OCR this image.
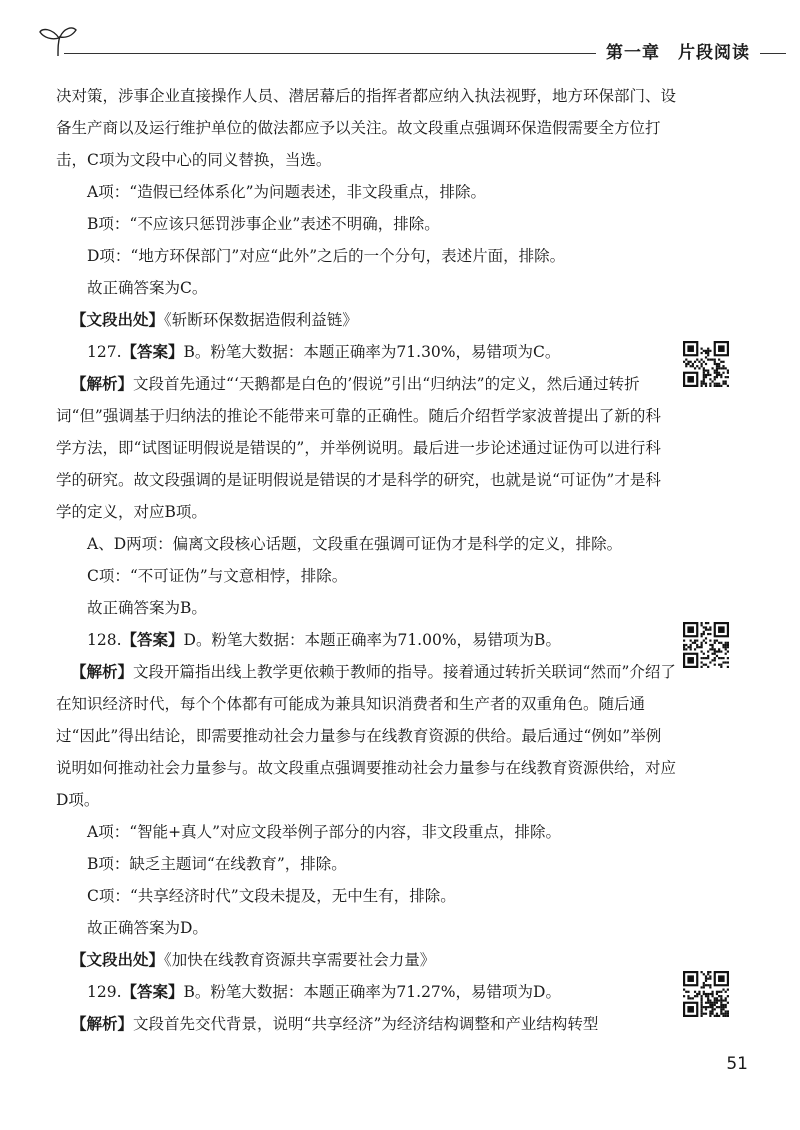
第一章 片段阅读

决对策，涉事企业直接操作人员、潜居幕后的指挥者都应纳入执法视野，地方环保部门、设备生产商以及运行维护单位的做法都应予以关注。故文段重点强调环保造假需要全方位打击，C项为文段中心的同义替换，当选。

A项：“造假已经体系化”为问题表述，非文段重点，排除。

B项：“不应该只惩罚涉事企业”表述不明确，排除。

D项：“地方环保部门”对应“此外”之后的一个分句，表述片面，排除。

故正确答案为C。

【文段出处】《斩断环保数据造假利益链》

127.【答案】B。粉笔大数据：本题正确率为71.30%，易错项为C。

【解析】文段首先通过“‘天鹅都是白色的’假说”引出“归纳法”的定义，然后通过转折词“但”强调基于归纳法的推论不能带来可靠的正确性。随后介绍哲学家波普提出了新的科学方法，即“试图证明假说是错误的”，并举例说明。最后进一步论述通过证伪可以进行科学的研究。故文段强调的是证明假说是错误的才是科学的研究，也就是说“可证伪”才是科学的定义，对应B项。

A、D两项：偏离文段核心话题，文段重在强调可证伪才是科学的定义，排除。

C项：“不可证伪”与文意相悖，排除。

故正确答案为B。

128.【答案】D。粉笔大数据：本题正确率为71.00%，易错项为B。

【解析】文段开篇指出线上教学更依赖于教师的指导。接着通过转折关联词“然而”介绍了在知识经济时代，每个个体都有可能成为兼具知识消费者和生产者的双重角色。随后通过“因此”得出结论，即需要推动社会力量参与在线教育资源的供给。最后通过“例如”举例说明如何推动社会力量参与。故文段重点强调要推动社会力量参与在线教育资源供给，对应D项。

A项：“智能+真人”对应文段举例子部分的内容，非文段重点，排除。

B项：缺乏主题词“在线教育”，排除。

C项：“共享经济时代”文段未提及，无中生有，排除。

故正确答案为D。

【文段出处】《加快在线教育资源共享需要社会力量》

129.【答案】B。粉笔大数据：本题正确率为71.27%，易错项为D。

【解析】文段首先交代背景，说明“共享经济”为经济结构调整和产业结构转型

51
